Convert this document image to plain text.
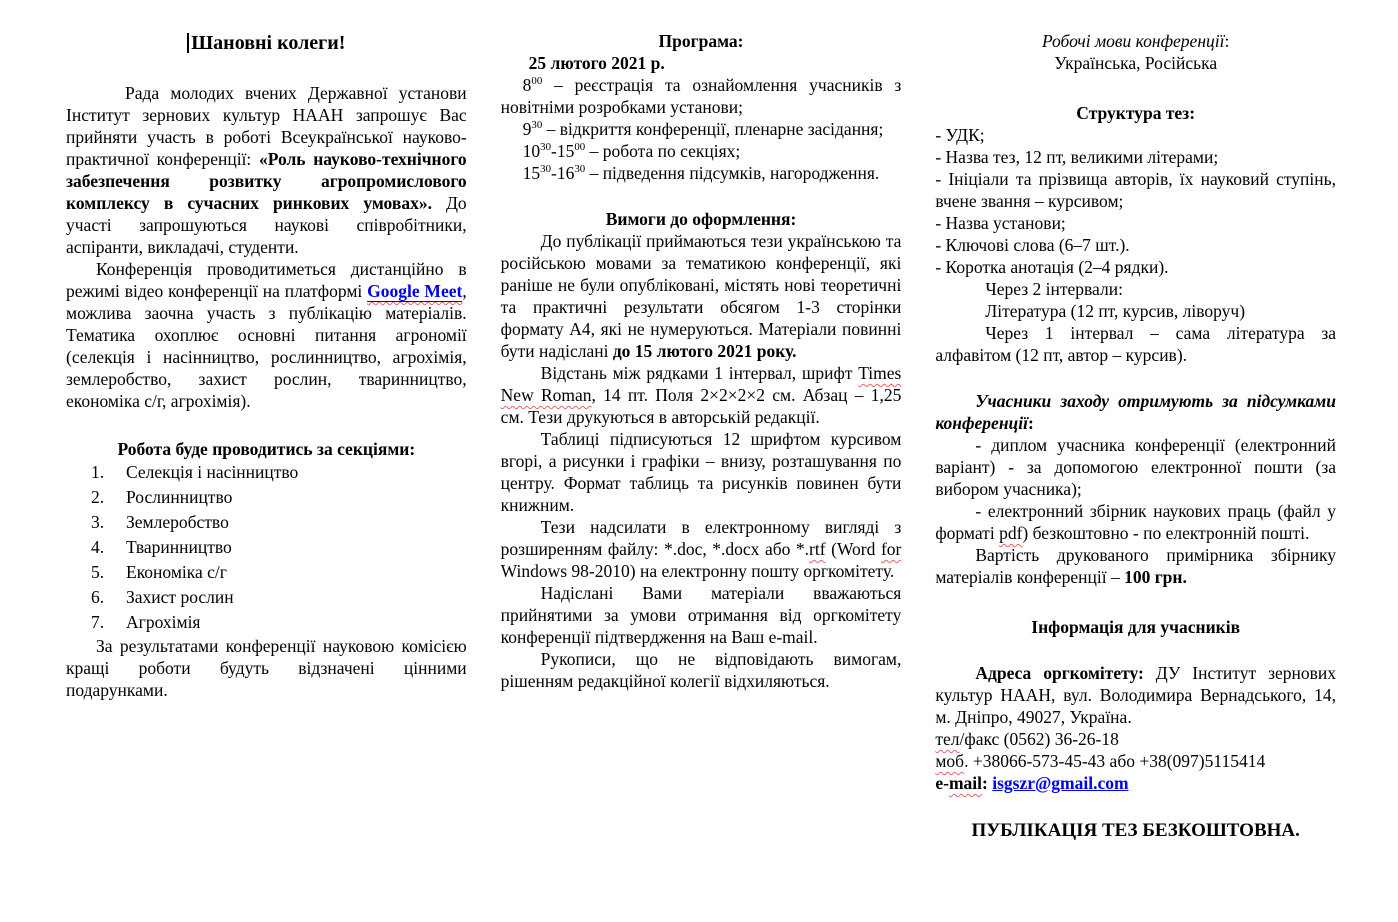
Шановні колеги!

Рада молодих вчених Державної установи Інститут зернових культур НААН запрошує Вас прийняти участь в роботі Всеукраїнської науково-практичної конференції: «Роль науково-технічного забезпечення розвитку агропромислового комплексу в сучасних ринкових умовах». До участі запрошуються наукові співробітники, аспіранти, викладачі, студенти.

Конференція проводитиметься дистанційно в режимі відео конференції на платформі Google Meet, можлива заочна участь з публікацію матеріалів. Тематика охоплює основні питання агрономії (селекція і насінництво, рослинництво, агрохімія, землеробство, захист рослин, тваринництво, економіка с/г, агрохімія).

Робота буде проводитись за секціями:

1.	Селекція і насінництво
2.	Рослинництво
3.	Землеробство
4.	Тваринництво
5.	Економіка с/г
6.	Захист рослин
7.	Агрохімія

За результатами конференції науковою комісією кращі роботи будуть відзначені цінними подарунками.

Програма:

25 лютого 2021 р.

$8^{00}$ – реєстрація та ознайомлення учасників з новітніми розробками установи;

$9^{30}$ – відкриття конференції, пленарне засідання;

$10^{30}-15^{00}$ – робота по секціях;

$15^{30}-16^{30}$ – підведення підсумків, нагородження.

Вимоги до оформлення:

До публікації приймаються тези українською та російською мовами за тематикою конференції, які раніше не були опубліковані, містять нові теоретичні та практичні результати обсягом 1-3 сторінки формату А4, які не нумеруються. Матеріали повинні бути надіслані до 15 лютого 2021 року.

Відстань між рядками 1 інтервал, шрифт Times New Roman, 14 пт. Поля 2×2×2×2 см. Абзац – 1,25 см. Тези друкуються в авторській редакції.

Таблиці підписуються 12 шрифтом курсивом вгорі, а рисунки і графіки – внизу, розташування по центру. Формат таблиць та рисунків повинен бути книжним.

Тези надсилати в електронному вигляді з розширенням файлу: *.doc, *.docx або *.rtf (Word for Windows 98-2010) на електронну пошту оргкомітету.

Надіслані Вами матеріали вважаються прийнятими за умови отримання від оргкомітету конференції підтвердження на Ваш e-mail.

Рукописи, що не відповідають вимогам, рішенням редакційної колегії відхиляються.

Робочі мови конференції:

Українська, Російська

Структура тез:

- УДК;

- Назва тез, 12 пт, великими літерами;

- Ініціали та прізвища авторів, їх науковий ступінь, вчене звання – курсивом;

- Назва установи;

- Ключові слова (6–7 шт.).

- Коротка анотація (2–4 рядки).

Через 2 інтервали:

Література (12 пт, курсив, ліворуч)

Через 1 інтервал – сама література за алфавітом (12 пт, автор – курсив).

Учасники заходу отримують за підсумками конференції:

- диплом учасника конференції (електронний варіант) - за допомогою електронної пошти (за вибором учасника);

- електронний збірник наукових праць (файл у форматі pdf) безкоштовно - по електронній пошті.

Вартість друкованого примірника збірнику матеріалів конференції – 100 грн.

Інформація для учасників

Адреса оргкомітету: ДУ Інститут зернових культур НААН, вул. Володимира Вернадського, 14, м. Дніпро, 49027, Україна.

тел/факс (0562) 36-26-18

моб. +38066-573-45-43 або +38(097)5115414

e-mail: isgszr@gmail.com

ПУБЛІКАЦІЯ ТЕЗ БЕЗКОШТОВНА.
